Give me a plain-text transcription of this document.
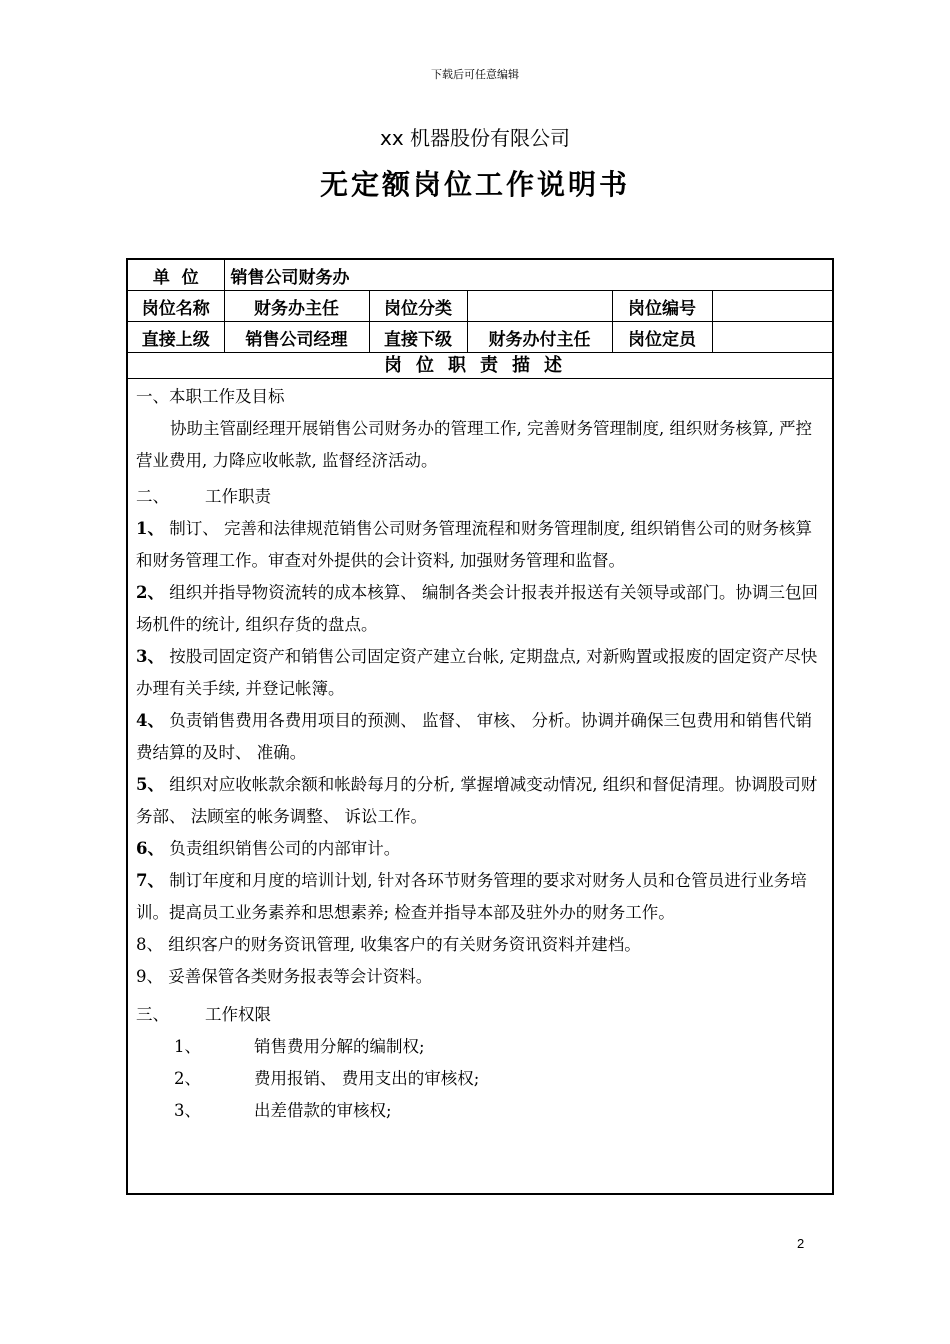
下载后可任意编辑
xx 机器股份有限公司
无定额岗位工作说明书
单  位	销售公司财务办				
岗位名称	财务办主任	岗位分类		岗位编号	
直接上级	销售公司经理	直接下级	财务办付主任	岗位定员	
岗位职责描述

一、本职工作及目标

协助主管副经理开展销售公司财务办的管理工作, 完善财务管理制度, 组织财务核算, 严控营业费用, 力降应收帐款, 监督经济活动。

二、 工作职责

1、 制订、 完善和法律规范销售公司财务管理流程和财务管理制度, 组织销售公司的财务核算和财务管理工作。审查对外提供的会计资料, 加强财务管理和监督。

2、 组织并指导物资流转的成本核算、 编制各类会计报表并报送有关领导或部门。协调三包回场机件的统计, 组织存货的盘点。

3、 按股司固定资产和销售公司固定资产建立台帐, 定期盘点, 对新购置或报废的固定资产尽快办理有关手续, 并登记帐簿。

4、 负责销售费用各费用项目的预测、 监督、 审核、 分析。协调并确保三包费用和销售代销费结算的及时、 准确。

5、 组织对应收帐款余额和帐龄每月的分析, 掌握增减变动情况, 组织和督促清理。协调股司财务部、 法顾室的帐务调整、 诉讼工作。

6、 负责组织销售公司的内部审计。

7、 制订年度和月度的培训计划, 针对各环节财务管理的要求对财务人员和仓管员进行业务培训。提高员工业务素养和思想素养; 检查并指导本部及驻外办的财务工作。

8、 组织客户的财务资讯管理, 收集客户的有关财务资讯资料并建档。

9、 妥善保管各类财务报表等会计资料。

三、 工作权限

1、	销售费用分解的编制权;

2、	费用报销、 费用支出的审核权;

3、	出差借款的审核权;

2
